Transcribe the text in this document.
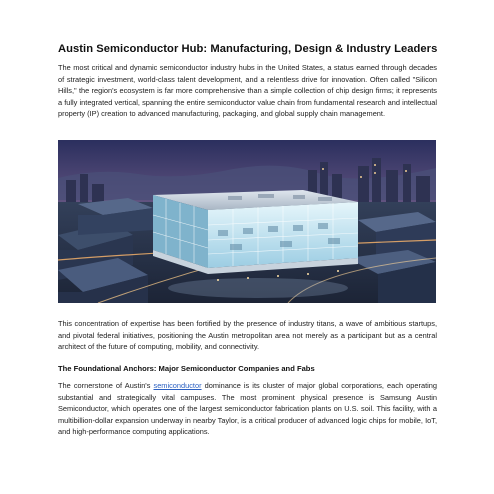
Austin Semiconductor Hub: Manufacturing, Design & Industry Leaders
The most critical and dynamic semiconductor industry hubs in the United States, a status earned through decades of strategic investment, world-class talent development, and a relentless drive for innovation. Often called "Silicon Hills," the region's ecosystem is far more comprehensive than a simple collection of chip design firms; it represents a fully integrated vertical, spanning the entire semiconductor value chain from fundamental research and intellectual property (IP) creation to advanced manufacturing, packaging, and global supply chain management.
This concentration of expertise has been fortified by the presence of industry titans, a wave of ambitious startups, and pivotal federal initiatives, positioning the Austin metropolitan area not merely as a participant but as a central architect of the future of computing, mobility, and connectivity.
The Foundational Anchors: Major Semiconductor Companies and Fabs
The cornerstone of Austin's semiconductor dominance is its cluster of major global corporations, each operating substantial and strategically vital campuses. The most prominent physical presence is Samsung Austin Semiconductor, which operates one of the largest semiconductor fabrication plants on U.S. soil. This facility, with a multibillion-dollar expansion underway in nearby Taylor, is a critical producer of advanced logic chips for mobile, IoT, and high-performance computing applications.
